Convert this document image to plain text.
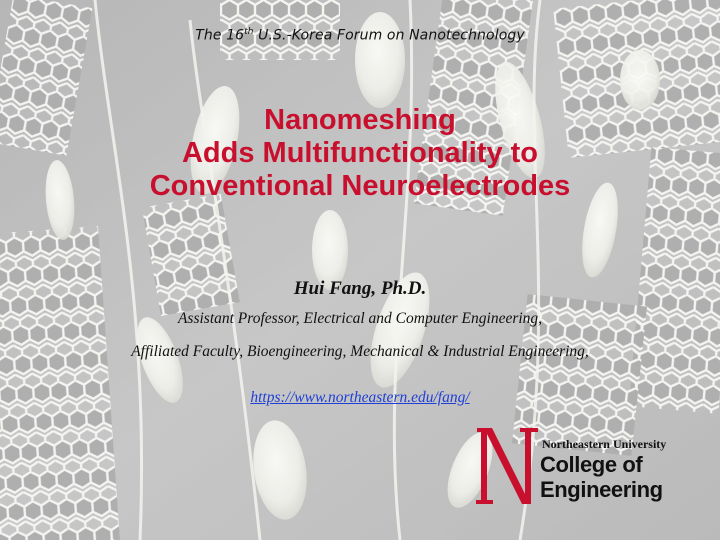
The 16th U.S.-Korea Forum on Nanotechnology
Nanomeshing
Adds Multifunctionality to
Conventional Neuroelectrodes
Hui Fang, Ph.D.
Assistant Professor, Electrical and Computer Engineering,
Affiliated Faculty, Bioengineering, Mechanical & Industrial Engineering,
https://www.northeastern.edu/fang/
Northeastern University
College of
Engineering
